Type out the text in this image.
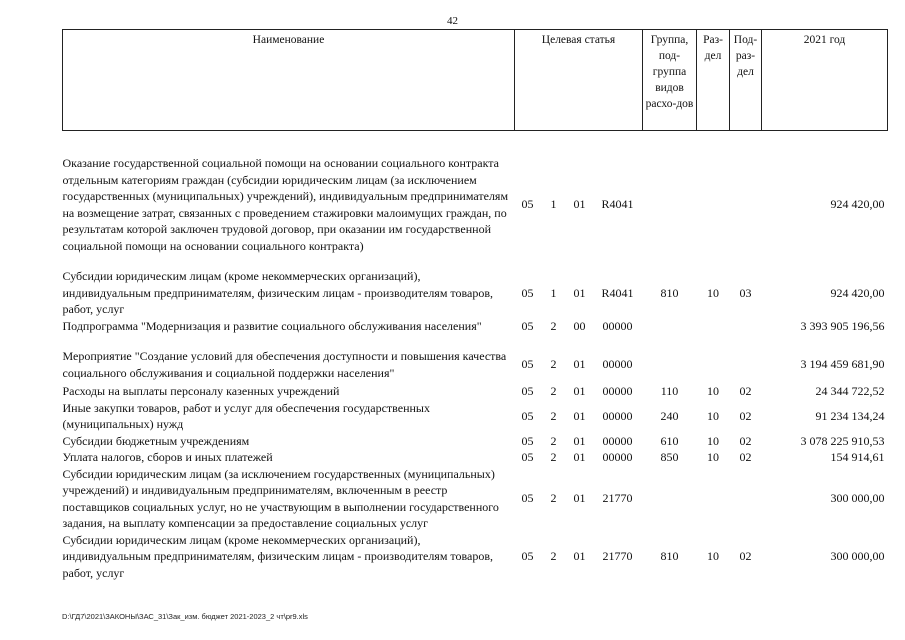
42
Наименование	Целевая статья				Группа, под-группа видов расхо-дов	Раз-дел	Под-раз-дел	2021 год

Оказание государственной социальной помощи на основании социального контракта отдельным категориям граждан (субсидии юридическим лицам (за исключением государственных (муниципальных) учреждений), индивидуальным предпринимателям на возмещение затрат, связанных с проведением стажировки малоимущих граждан, по результатам которой заключен трудовой договор, при оказании им государственной социальной помощи на основании социального контракта)	05	1	01	R4041				924 420,00

Субсидии юридическим лицам (кроме некоммерческих организаций), индивидуальным предпринимателям, физическим лицам - производителям товаров, работ, услуг	05	1	01	R4041	810	10	03	924 420,00
Подпрограмма "Модернизация и развитие социального обслуживания населения"	05	2	00	00000				3 393 905 196,56

Мероприятие "Создание условий для обеспечения доступности и повышения качества социального обслуживания и социальной поддержки населения"	05	2	01	00000				3 194 459 681,90

Расходы на выплаты персоналу казенных учреждений	05	2	01	00000	110	10	02	24 344 722,52
Иные закупки товаров, работ и услуг для обеспечения государственных (муниципальных) нужд	05	2	01	00000	240	10	02	91 234 134,24
Субсидии бюджетным учреждениям	05	2	01	00000	610	10	02	3 078 225 910,53
Уплата налогов, сборов и иных платежей	05	2	01	00000	850	10	02	154 914,61
Субсидии юридическим лицам (за исключением государственных (муниципальных) учреждений) и индивидуальным предпринимателям, включенным в реестр поставщиков социальных услуг, но не участвующим в выполнении государственного задания, на выплату компенсации за предоставление социальных услуг	05	2	01	21770				300 000,00
Субсидии юридическим лицам (кроме некоммерческих организаций), индивидуальным предпринимателям, физическим лицам - производителям товаров, работ, услуг	05	2	01	21770	810	10	02	300 000,00
D:\ГД7\2021\ЗАКОНЫ\ЗАС_31\Зак_изм. бюджет 2021-2023_2 чт\pr9.xls
